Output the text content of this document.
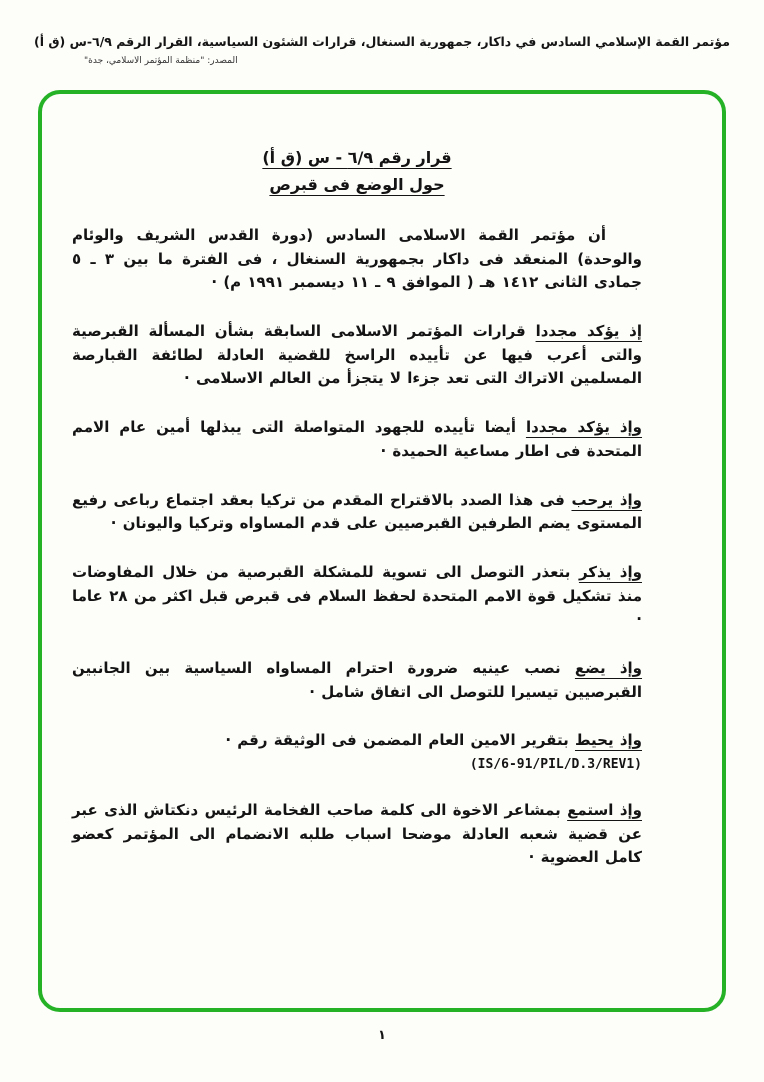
مؤتمر القمة الإسلامي السادس في داكار، جمهورية السنغال، قرارات الشئون السياسية، القرار الرقم ٦/٩-س (ق أ)
المصدر: "منظمة المؤتمر الاسلامي، جدة"
قرار رقم ٦/٩ - س (ق أ)
حول الوضع فى قبرص

أن مؤتمر القمة الاسلامى السادس (دورة القدس الشريف والوئام والوحدة) المنعقد فى داكار بجمهورية السنغال ، فى الفترة ما بين ٣ ـ ٥ جمادى الثانى ١٤١٢ هـ ( الموافق ٩ ـ ١١ ديسمبر ١٩٩١ م) ·

إذ يؤكد مجددا قرارات المؤتمر الاسلامى السابقة بشأن المسألة القبرصية والتى أعرب فيها عن تأييده الراسخ للقضية العادلة لطائفة القبارصة المسلمين الاتراك التى تعد جزءا لا يتجزأ من العالم الاسلامى ·

وإذ يؤكد مجددا أيضا تأييده للجهود المتواصلة التى يبذلها أمين عام الامم المتحدة فى اطار مساعية الحميدة ·

وإذ يرحب فى هذا الصدد بالاقتراح المقدم من تركيا بعقد اجتماع رباعى رفيع المستوى يضم الطرفين القبرصيين على قدم المساواه وتركيا واليونان ·

وإذ يذكر بتعذر التوصل الى تسوية للمشكلة القبرصية من خلال المفاوضات منذ تشكيل قوة الامم المتحدة لحفظ السلام فى قبرص قبل اكثر من ٢٨ عاما ·

وإذ يضع نصب عينيه ضرورة احترام المساواه السياسية بين الجانبين القبرصيين تيسيرا للتوصل الى اتفاق شامل ·

وإذ يحيط بتقرير الامين العام المضمن فى الوثيقة رقم ·

(IS/6-91/PIL/D.3/REV1)

وإذ استمع بمشاعر الاخوة الى كلمة صاحب الفخامة الرئيس دنكتاش الذى عبر عن قضية شعبه العادلة موضحا اسباب طلبه الانضمام الى المؤتمر كعضو كامل العضوية ·

١
